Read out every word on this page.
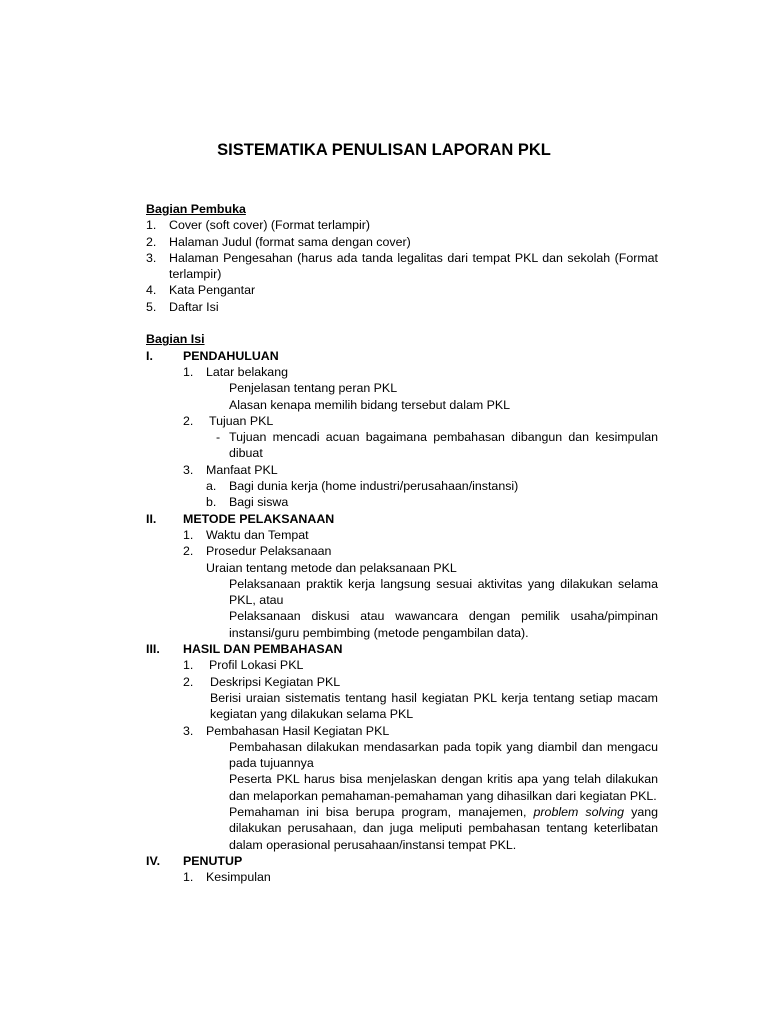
SISTEMATIKA PENULISAN LAPORAN PKL
Bagian Pembuka
1. Cover (soft cover) (Format terlampir)
2. Halaman Judul (format sama dengan cover)
3. Halaman Pengesahan (harus ada tanda legalitas dari tempat PKL dan sekolah (Format terlampir)
4. Kata Pengantar
5. Daftar Isi
Bagian Isi
I. PENDAHULUAN
1. Latar belakang
Penjelasan tentang peran PKL
Alasan kenapa memilih bidang tersebut dalam PKL
2. Tujuan PKL
- Tujuan mencadi acuan bagaimana pembahasan dibangun dan kesimpulan dibuat
3. Manfaat PKL
a. Bagi dunia kerja (home industri/perusahaan/instansi)
b. Bagi siswa
II. METODE PELAKSANAAN
1. Waktu dan Tempat
2. Prosedur Pelaksanaan
Uraian tentang metode dan pelaksanaan PKL
Pelaksanaan praktik kerja langsung sesuai aktivitas yang dilakukan selama PKL, atau
Pelaksanaan diskusi atau wawancara dengan pemilik usaha/pimpinan instansi/guru pembimbing (metode pengambilan data).
III. HASIL DAN PEMBAHASAN
1. Profil Lokasi PKL
2. Deskripsi Kegiatan PKL
Berisi uraian sistematis tentang hasil kegiatan PKL kerja tentang setiap macam kegiatan yang dilakukan selama PKL
3. Pembahasan Hasil Kegiatan PKL
Pembahasan dilakukan mendasarkan pada topik yang diambil dan mengacu pada tujuannya
Peserta PKL harus bisa menjelaskan dengan kritis apa yang telah dilakukan dan melaporkan pemahaman-pemahaman yang dihasilkan dari kegiatan PKL.
Pemahaman ini bisa berupa program, manajemen, problem solving yang dilakukan perusahaan, dan juga meliputi pembahasan tentang keterlibatan dalam operasional perusahaan/instansi tempat PKL.
IV. PENUTUP
1. Kesimpulan
